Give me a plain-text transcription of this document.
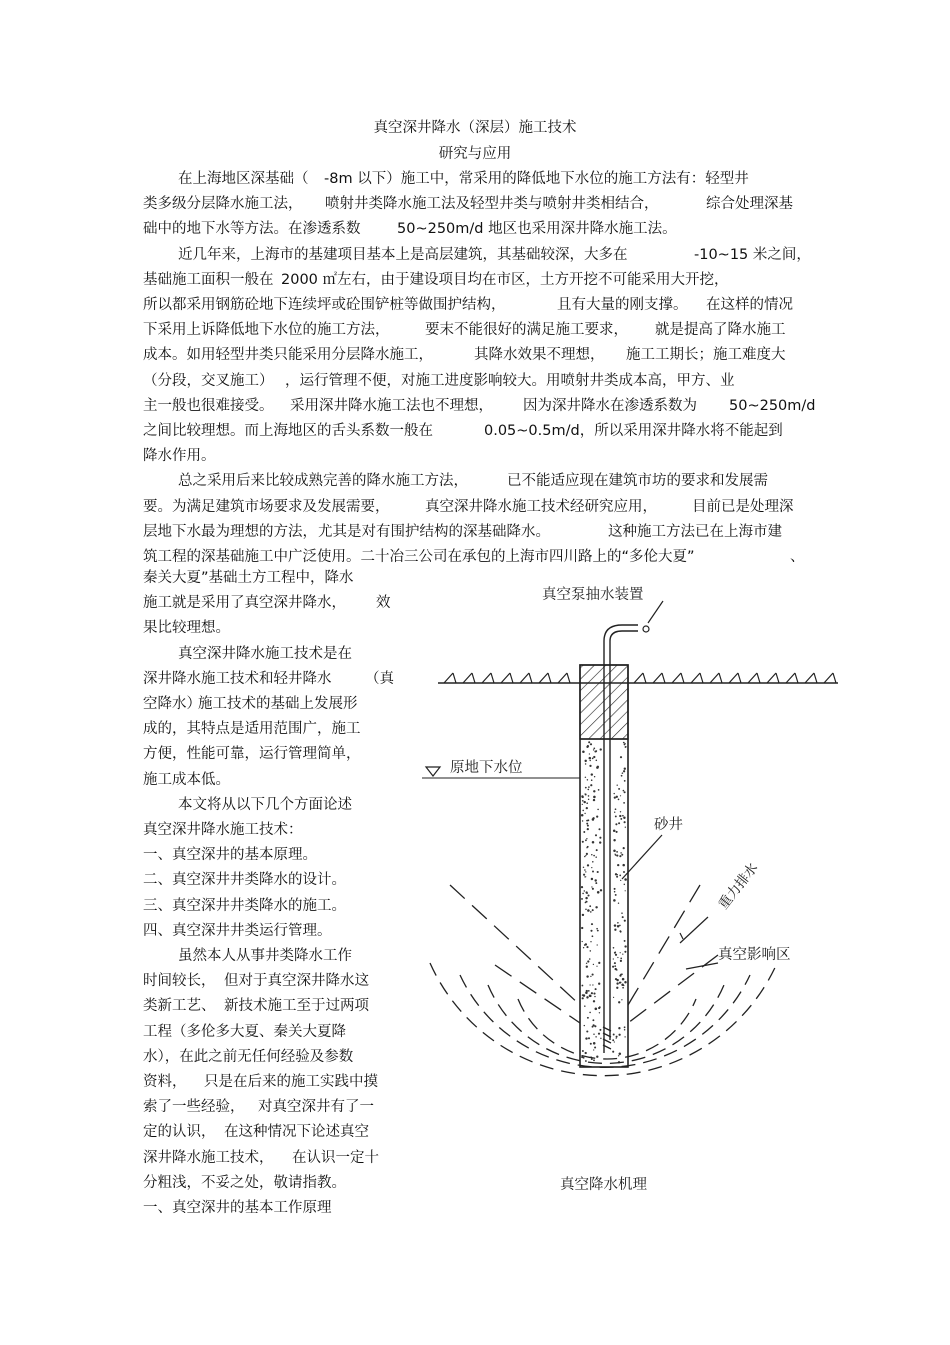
真空深井降水（深层）施工技术
研究与应用
在上海地区深基础（ -8m 以下）施工中，常采用的降低地下水位的施工方法有：轻型井
类多级分层降水施工法， 喷射井类降水施工法及轻型井类与喷射井类相结合，	综合处理深基
础中的地下水等方法。在渗透系数	50~250m/d 地区也采用深井降水施工法。
近几年来，上海市的基建项目基本上是高层建筑，其基础较深，大多在	-10~15 米之间，
基础施工面积一般在 2000 ㎡左右，由于建设项目均在市区，土方开挖不可能采用大开挖，
所以都采用钢筋砼地下连续坪或砼围铲桩等做围护结构，	且有大量的刚支撑。 在这样的情况
下采用上诉降低地下水位的施工方法， 要末不能很好的满足施工要求， 就是提高了降水施工
成本。如用轻型井类只能采用分层降水施工，	其降水效果不理想， 施工工期长；施工难度大
（分段，交叉施工） ，运行管理不便，对施工进度影响较大。用喷射井类成本高，甲方、业
主一般也很难接受。 采用深井降水施工法也不理想， 因为深井降水在渗透系数为 50~250m/d
之间比较理想。而上海地区的舌头系数一般在	0.05~0.5m/d，所以采用深井降水将不能起到
降水作用。
总之采用后来比较成熟完善的降水施工方法，	已不能适应现在建筑市坊的要求和发展需
要。为满足建筑市场要求及发展需要， 真空深井降水施工技术经研究应用， 目前已是处理深
层地下水最为理想的方法， 尤其是对有围护结构的深基础降水。	这种施工方法已在上海市建
筑工程的深基础施工中广泛使用。二十冶三公司在承包的上海市四川路上的“多伦大夏”	、
秦关大夏”基础土方工程中，降水
施工就是采用了真空深井降水， 效
果比较理想。
真空深井降水施工技术是在
深井降水施工技术和轻井降水 （真
空降水）
施工技术的基础上发展形
成的，其特点是适用范围广，施工
方便，性能可靠，运行管理简单，
施工成本低。
本文将从以下几个方面论述
真空深井降水施工技术：
一、真空深井的基本原理。
二、真空深井井类降水的设计。
三、真空深井井类降水的施工。
四、真空深井井类运行管理。
虽然本人从事井类降水工作
时间较长， 但对于真空深井降水这
类新工艺、 新技术施工至于过两项
工程（多伦多大夏、秦关大夏降
水），在此之前无任何经验及参数
资料， 只是在后来的施工实践中摸
索了一些经验， 对真空深井有了一
定的认识， 在这种情况下论述真空
深井降水施工技术， 在认识一定十
分粗浅，不妥之处，敬请指教。
一、真空深井的基本工作原理
真空泵抽水装置
原地下水位
砂井
重力排水
真空影响区
真空降水机理
